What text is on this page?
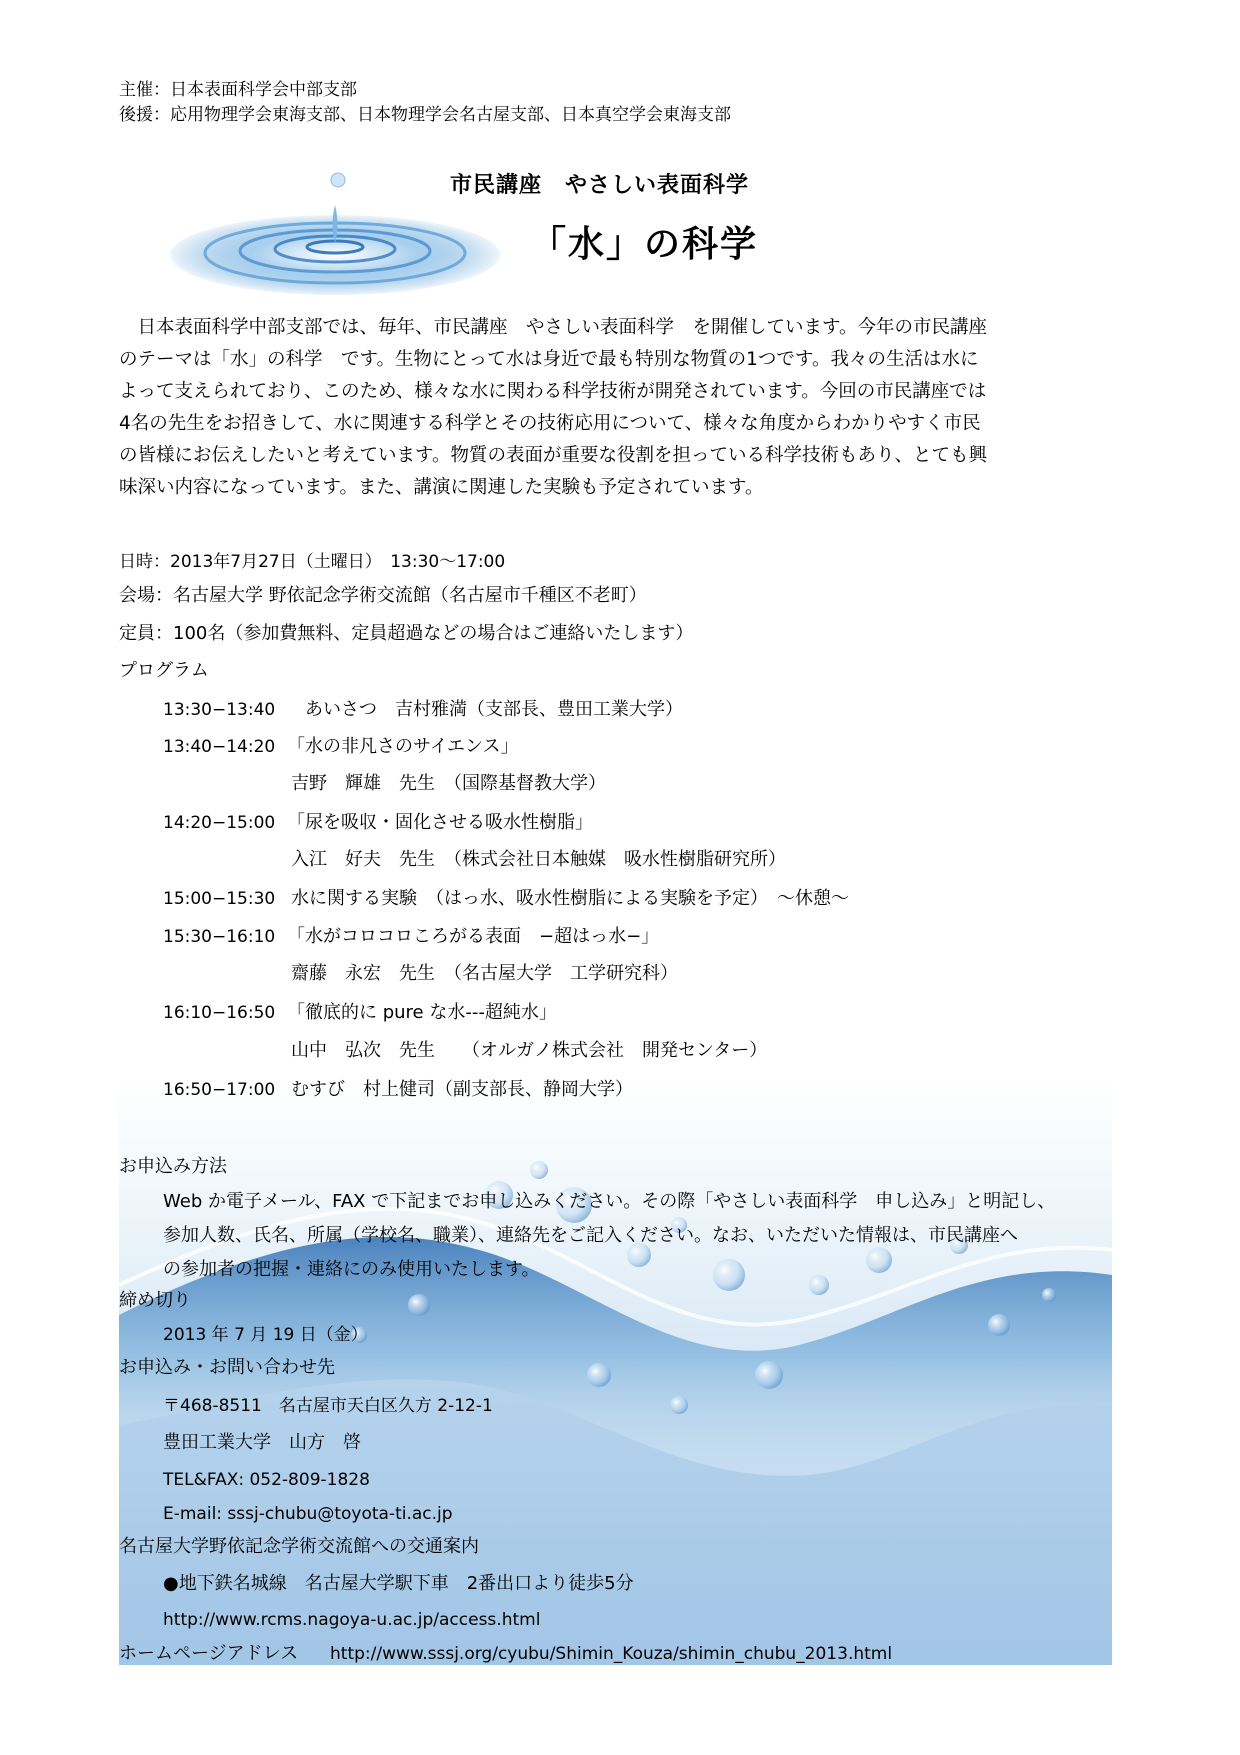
主催：日本表面科学会中部支部
後援：応用物理学会東海支部、日本物理学会名古屋支部、日本真空学会東海支部
市民講座　やさしい表面科学
「水」の科学
　日本表面科学中部支部では、毎年、市民講座　やさしい表面科学　を開催しています。今年の市民講座
のテーマは「水」の科学　です。生物にとって水は身近で最も特別な物質の1つです。我々の生活は水に
よって支えられており、このため、様々な水に関わる科学技術が開発されています。今回の市民講座では
4名の先生をお招きして、水に関連する科学とその技術応用について、様々な角度からわかりやすく市民
の皆様にお伝えしたいと考えています。物質の表面が重要な役割を担っている科学技術もあり、とても興
味深い内容になっています。また、講演に関連した実験も予定されています。
日時：2013年7月27日（土曜日）　13:30〜17:00
会場：名古屋大学 野依記念学術交流館（名古屋市千種区不老町）
定員：100名（参加費無料、定員超過などの場合はご連絡いたします）
プログラム
13:30−13:40 　あいさつ　吉村雅満（支部長、豊田工業大学）
13:40−14:20 「水の非凡さのサイエンス」
吉野　輝雄　先生　（国際基督教大学）
14:20−15:00 「尿を吸収・固化させる吸水性樹脂」
入江　好夫　先生　（株式会社日本触媒　吸水性樹脂研究所）
15:00−15:30 水に関する実験　（はっ水、吸水性樹脂による実験を予定）　〜休憩〜
15:30−16:10 「水がコロコロころがる表面　−超はっ水−」
齋藤　永宏　先生　（名古屋大学　工学研究科）
16:10−16:50 「徹底的に pure な水---超純水」
山中　弘次　先生　　（オルガノ株式会社　開発センター）
16:50−17:00 むすび　村上健司（副支部長、静岡大学）
お申込み方法
Web か電子メール、FAX で下記までお申し込みください。その際「やさしい表面科学　申し込み」と明記し、
参加人数、氏名、所属（学校名、職業）、連絡先をご記入ください。なお、いただいた情報は、市民講座へ
の参加者の把握・連絡にのみ使用いたします。
締め切り
2013 年 7 月 19 日（金）
お申込み・お問い合わせ先
〒468-8511　名古屋市天白区久方 2-12-1
豊田工業大学　山方　啓
TEL&FAX: 052-809-1828
E-mail: sssj-chubu@toyota-ti.ac.jp
名古屋大学野依記念学術交流館への交通案内
●地下鉄名城線　名古屋大学駅下車　2番出口より徒歩5分
http://www.rcms.nagoya-u.ac.jp/access.html
ホームページアドレス http://www.sssj.org/cyubu/Shimin_Kouza/shimin_chubu_2013.html
